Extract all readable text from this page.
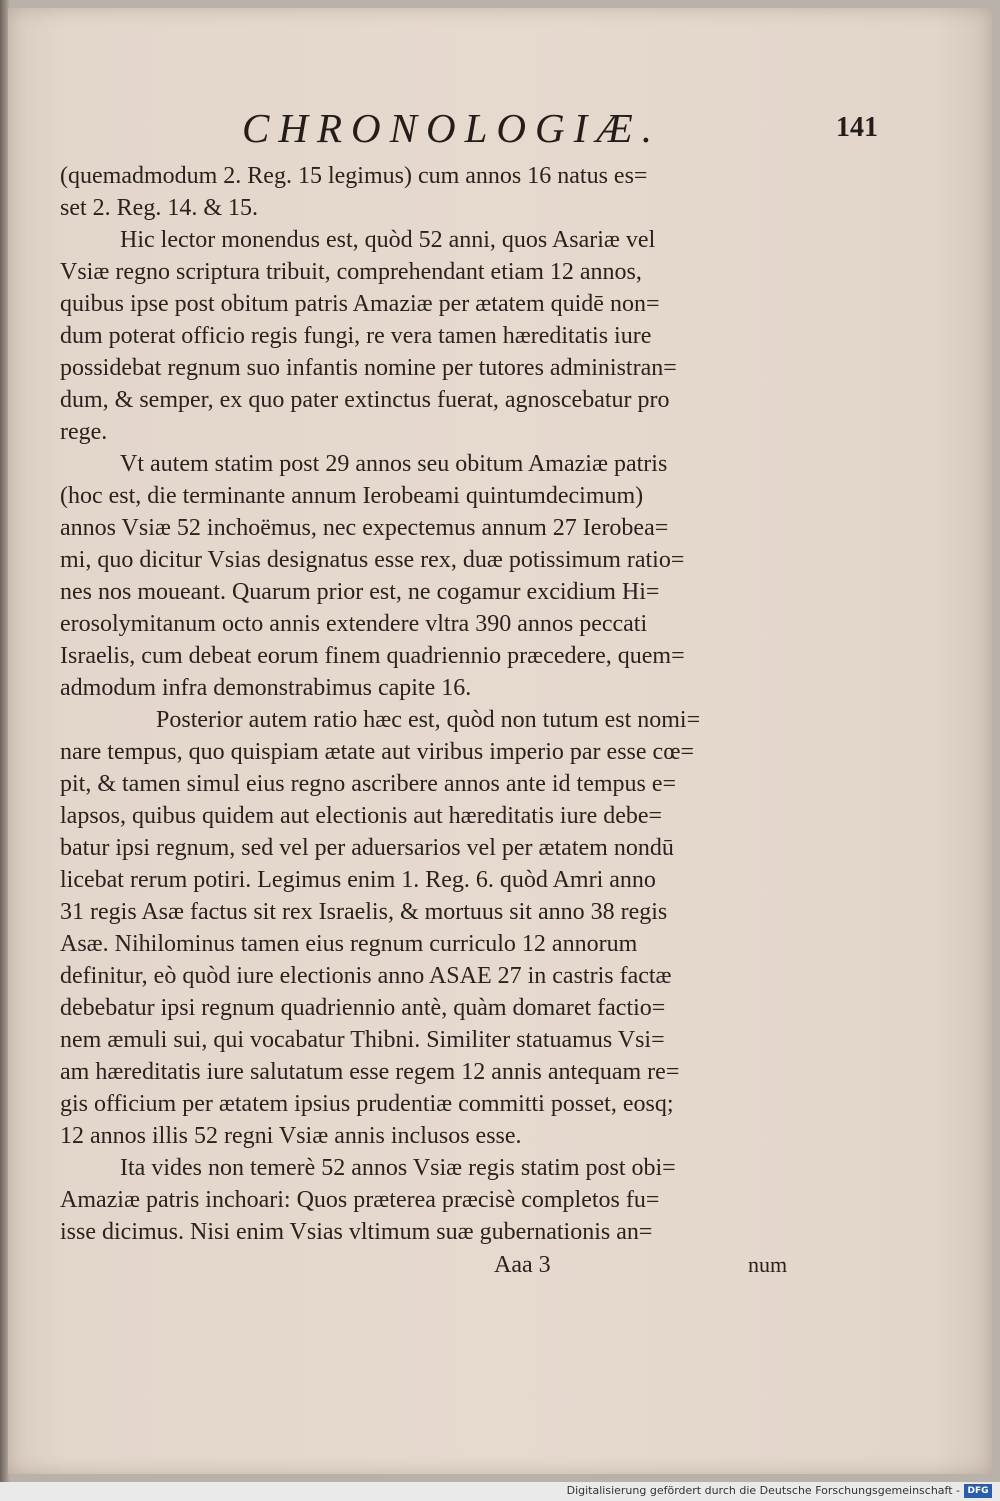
CHRONOLOGIÆ.	141
(quemadmodum 2. Reg. 15 legimus) cum annos 16 natus es=
set 2. Reg. 14. & 15.
Hic lector monendus est, quòd 52 anni, quos Asariæ vel
Vsiæ regno scriptura tribuit, comprehendant etiam 12 annos,
quibus ipse post obitum patris Amaziæ per ætatem quidē non=
dum poterat officio regis fungi, re vera tamen hæreditatis iure
possidebat regnum suo infantis nomine per tutores administran=
dum, & semper, ex quo pater extinctus fuerat, agnoscebatur pro
rege.
Vt autem statim post 29 annos seu obitum Amaziæ patris
(hoc est, die terminante annum Ierobeami quintumdecimum)
annos Vsiæ 52 inchoëmus, nec expectemus annum 27 Ierobea=
mi, quo dicitur Vsias designatus esse rex, duæ potissimum ratio=
nes nos moueant. Quarum prior est, ne cogamur excidium Hi=
erosolymitanum octo annis extendere vltra 390 annos peccati
Israelis, cum debeat eorum finem quadriennio præcedere, quem=
admodum infra demonstrabimus capite 16.
Posterior autem ratio hæc est, quòd non tutum est nomi=
nare tempus, quo quispiam ætate aut viribus imperio par esse cœ=
pit, & tamen simul eius regno ascribere annos ante id tempus e=
lapsos, quibus quidem aut electionis aut hæreditatis iure debe=
batur ipsi regnum, sed vel per aduersarios vel per ætatem nondū
licebat rerum potiri. Legimus enim 1. Reg. 6. quòd Amri anno
31 regis Asæ factus sit rex Israelis, & mortuus sit anno 38 regis
Asæ. Nihilominus tamen eius regnum curriculo 12 annorum
definitur, eò quòd iure electionis anno ASAE 27 in castris factæ
debebatur ipsi regnum quadriennio antè, quàm domaret factio=
nem æmuli sui, qui vocabatur Thibni. Similiter statuamus Vsi=
am hæreditatis iure salutatum esse regem 12 annis antequam re=
gis officium per ætatem ipsius prudentiæ committi posset, eosq;
12 annos illis 52 regni Vsiæ annis inclusos esse.
Ita vides non temerè 52 annos Vsiæ regis statim post obi=
Amaziæ patris inchoari: Quos præterea præcisè completos fu=
isse dicimus. Nisi enim Vsias vltimum suæ gubernationis an=
Aaa 3	num
Digitalisierung gefördert durch die Deutsche Forschungsgemeinschaft - DFG
